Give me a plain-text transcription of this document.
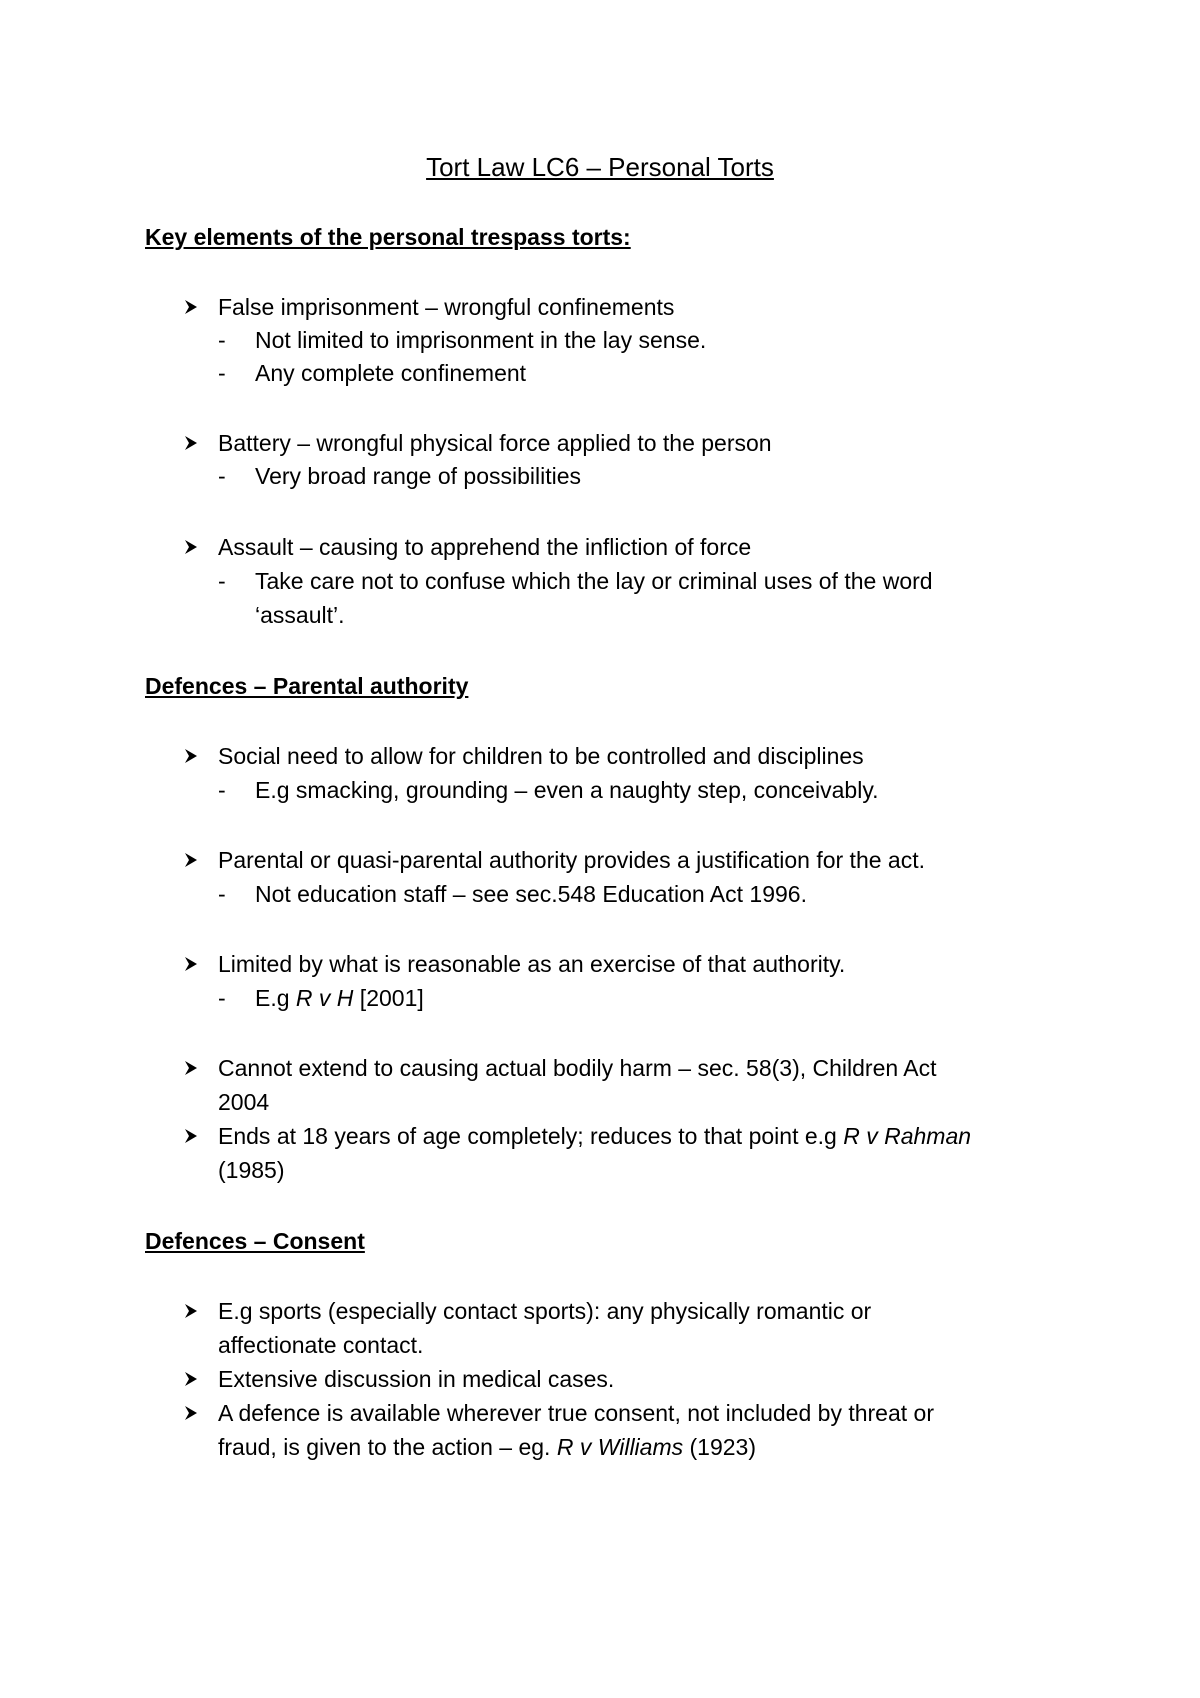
Tort Law LC6 – Personal Torts
Key elements of the personal trespass torts:
False imprisonment – wrongful confinements
-	Not limited to imprisonment in the lay sense.
-	Any complete confinement
Battery – wrongful physical force applied to the person
-	Very broad range of possibilities
Assault – causing to apprehend the infliction of force
-	Take care not to confuse which the lay or criminal uses of the word
‘assault’.
Defences – Parental authority
Social need to allow for children to be controlled and disciplines
-	E.g smacking, grounding – even a naughty step, conceivably.
Parental or quasi-parental authority provides a justification for the act.
-	Not education staff – see sec.548 Education Act 1996.
Limited by what is reasonable as an exercise of that authority.
-	E.g R v H [2001]
Cannot extend to causing actual bodily harm – sec. 58(3), Children Act
2004
Ends at 18 years of age completely; reduces to that point e.g R v Rahman
(1985)
Defences – Consent
E.g sports (especially contact sports): any physically romantic or
affectionate contact.
Extensive discussion in medical cases.
A defence is available wherever true consent, not included by threat or
fraud, is given to the action – eg. R v Williams (1923)
